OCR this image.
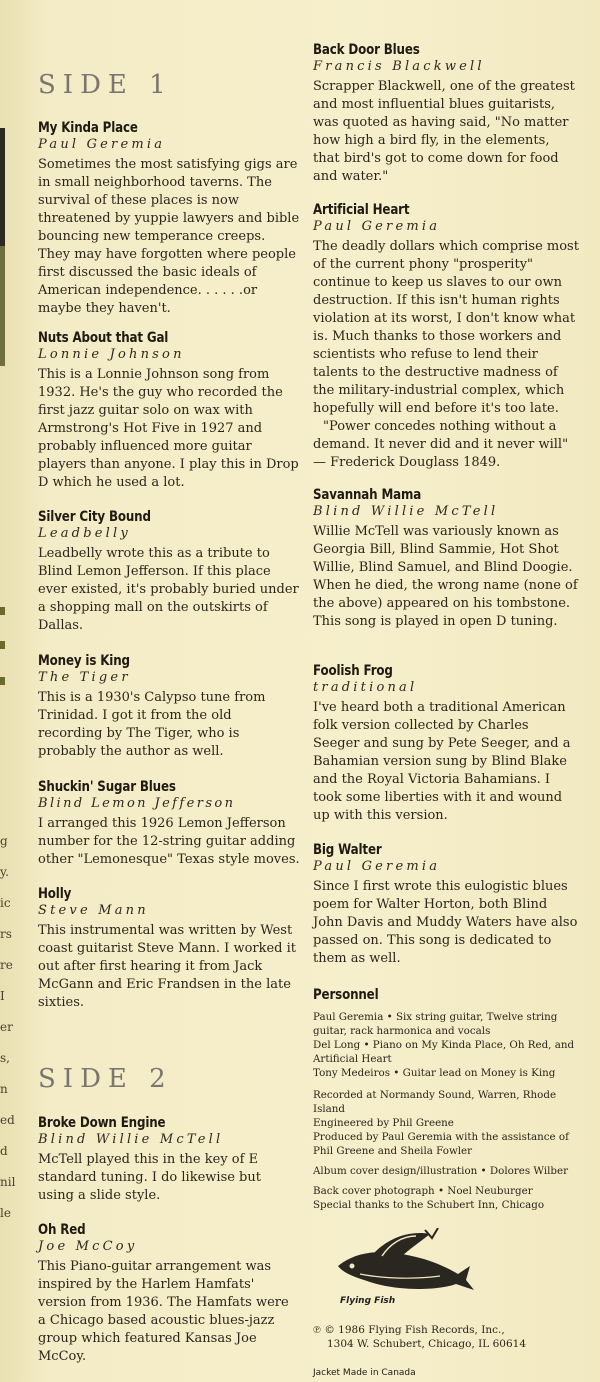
g
y.
ic
rs
re
I
er
s,
n
ed
d
nil
le
SIDE 1
My Kinda Place
Paul Geremia

Sometimes the most satisfying gigs are in small neighborhood taverns. The survival of these places is now threatened by yuppie lawyers and bible bouncing new temperance creeps. They may have forgotten where people first discussed the basic ideals of American independence. . . . . .or maybe they haven't.

Nuts About that Gal
Lonnie Johnson

This is a Lonnie Johnson song from 1932. He's the guy who recorded the first jazz guitar solo on wax with Armstrong's Hot Five in 1927 and probably influenced more guitar players than anyone. I play this in Drop D which he used a lot.

Silver City Bound
Leadbelly

Leadbelly wrote this as a tribute to Blind Lemon Jefferson. If this place ever existed, it's probably buried under a shopping mall on the outskirts of Dallas.

Money is King
The Tiger

This is a 1930's Calypso tune from Trinidad. I got it from the old recording by The Tiger, who is probably the author as well.

Shuckin' Sugar Blues
Blind Lemon Jefferson

I arranged this 1926 Lemon Jefferson number for the 12-string guitar adding other "Lemonesque" Texas style moves.

Holly
Steve Mann

This instrumental was written by West coast guitarist Steve Mann. I worked it out after first hearing it from Jack McGann and Eric Frandsen in the late sixties.

SIDE 2
Broke Down Engine
Blind Willie McTell

McTell played this in the key of E standard tuning. I do likewise but using a slide style.

Oh Red
Joe McCoy

This Piano-guitar arrangement was inspired by the Harlem Hamfats' version from 1936. The Hamfats were a Chicago based acoustic blues-jazz group which featured Kansas Joe McCoy.

Back Door Blues
Francis Blackwell

Scrapper Blackwell, one of the greatest and most influential blues guitarists, was quoted as having said, "No matter how high a bird fly, in the elements, that bird's got to come down for food and water."

Artificial Heart
Paul Geremia

The deadly dollars which comprise most of the current phony "prosperity" continue to keep us slaves to our own destruction. If this isn't human rights violation at its worst, I don't know what is. Much thanks to those workers and scientists who refuse to lend their talents to the destructive madness of the military-industrial complex, which hopefully will end before it's too late.

"Power concedes nothing without a demand. It never did and it never will" — Frederick Douglass 1849.

Savannah Mama
Blind Willie McTell

Willie McTell was variously known as Georgia Bill, Blind Sammie, Hot Shot Willie, Blind Samuel, and Blind Doogie. When he died, the wrong name (none of the above) appeared on his tombstone. This song is played in open D tuning.

Foolish Frog
traditional

I've heard both a traditional American folk version collected by Charles Seeger and sung by Pete Seeger, and a Bahamian version sung by Blind Blake and the Royal Victoria Bahamians. I took some liberties with it and wound up with this version.

Big Walter
Paul Geremia

Since I first wrote this eulogistic blues poem for Walter Horton, both Blind John Davis and Muddy Waters have also passed on. This song is dedicated to them as well.

Personnel

Paul Geremia • Six string guitar, Twelve string guitar, rack harmonica and vocals

Del Long • Piano on My Kinda Place, Oh Red, and Artificial Heart

Tony Medeiros • Guitar lead on Money is King

Recorded at Normandy Sound, Warren, Rhode Island

Engineered by Phil Greene

Produced by Paul Geremia with the assistance of Phil Greene and Sheila Fowler

Album cover design/illustration • Dolores Wilber

Back cover photograph • Noel Neuburger

Special thanks to the Schubert Inn, Chicago

Flying Fish
℗ © 1986 Flying Fish Records, Inc.,
1304 W. Schubert, Chicago, IL 60614
Jacket Made in Canada
